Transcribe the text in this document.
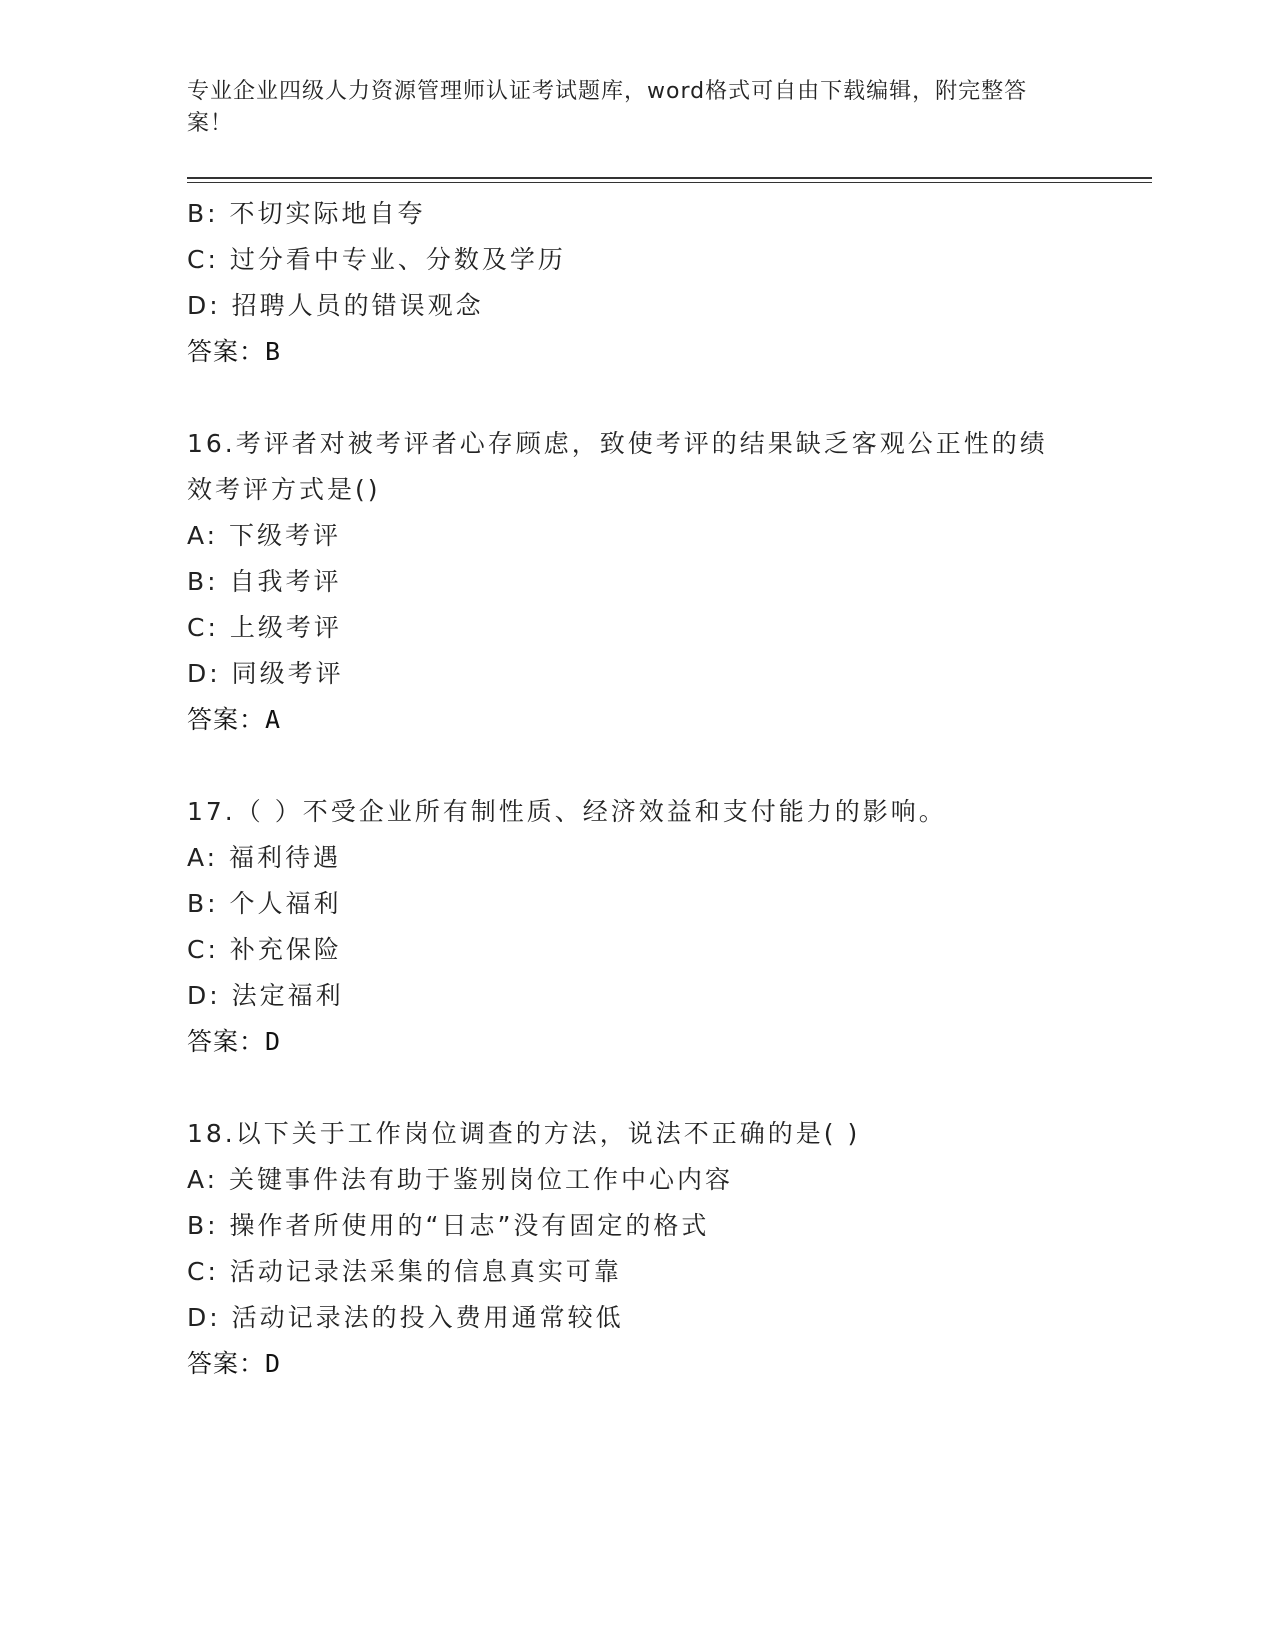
专业企业四级人力资源管理师认证考试题库，word格式可自由下载编辑，附完整答案！
B: 不切实际地自夸
C: 过分看中专业、分数及学历
D: 招聘人员的错误观念
答案：B
16.考评者对被考评者心存顾虑，致使考评的结果缺乏客观公正性的绩
效考评方式是()
A: 下级考评
B: 自我考评
C: 上级考评
D: 同级考评
答案：A
17.（ ）不受企业所有制性质、经济效益和支付能力的影响。
A: 福利待遇
B: 个人福利
C: 补充保险
D: 法定福利
答案：D
18.以下关于工作岗位调查的方法，说法不正确的是( )
A: 关键事件法有助于鉴别岗位工作中心内容
B: 操作者所使用的“日志”没有固定的格式
C: 活动记录法采集的信息真实可靠
D: 活动记录法的投入费用通常较低
答案：D
